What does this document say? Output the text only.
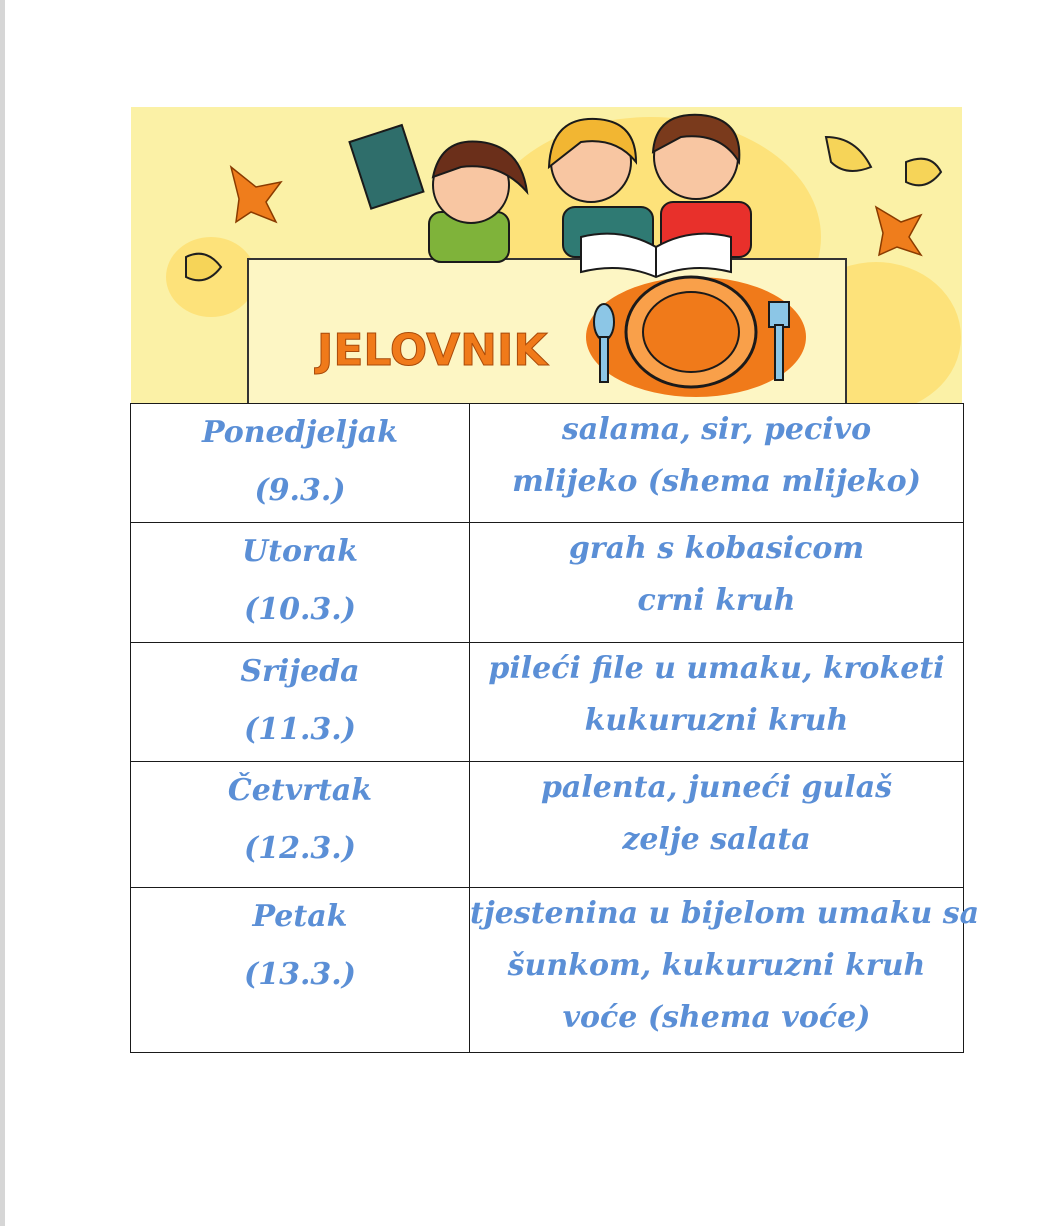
JELOVNIK
Ponedjeljak
(9.3.)	salama, sir, pecivo
mlijeko (shema mlijeko)

Utorak
(10.3.)	grah s kobasicom
crni kruh

Srijeda
(11.3.)	pileći file u umaku, kroketi
kukuruzni kruh

Četvrtak
(12.3.)	palenta, juneći gulaš
zelje salata

Petak
(13.3.)	tjestenina u bijelom umaku sa
šunkom, kukuruzni kruh
voće (shema voće)
